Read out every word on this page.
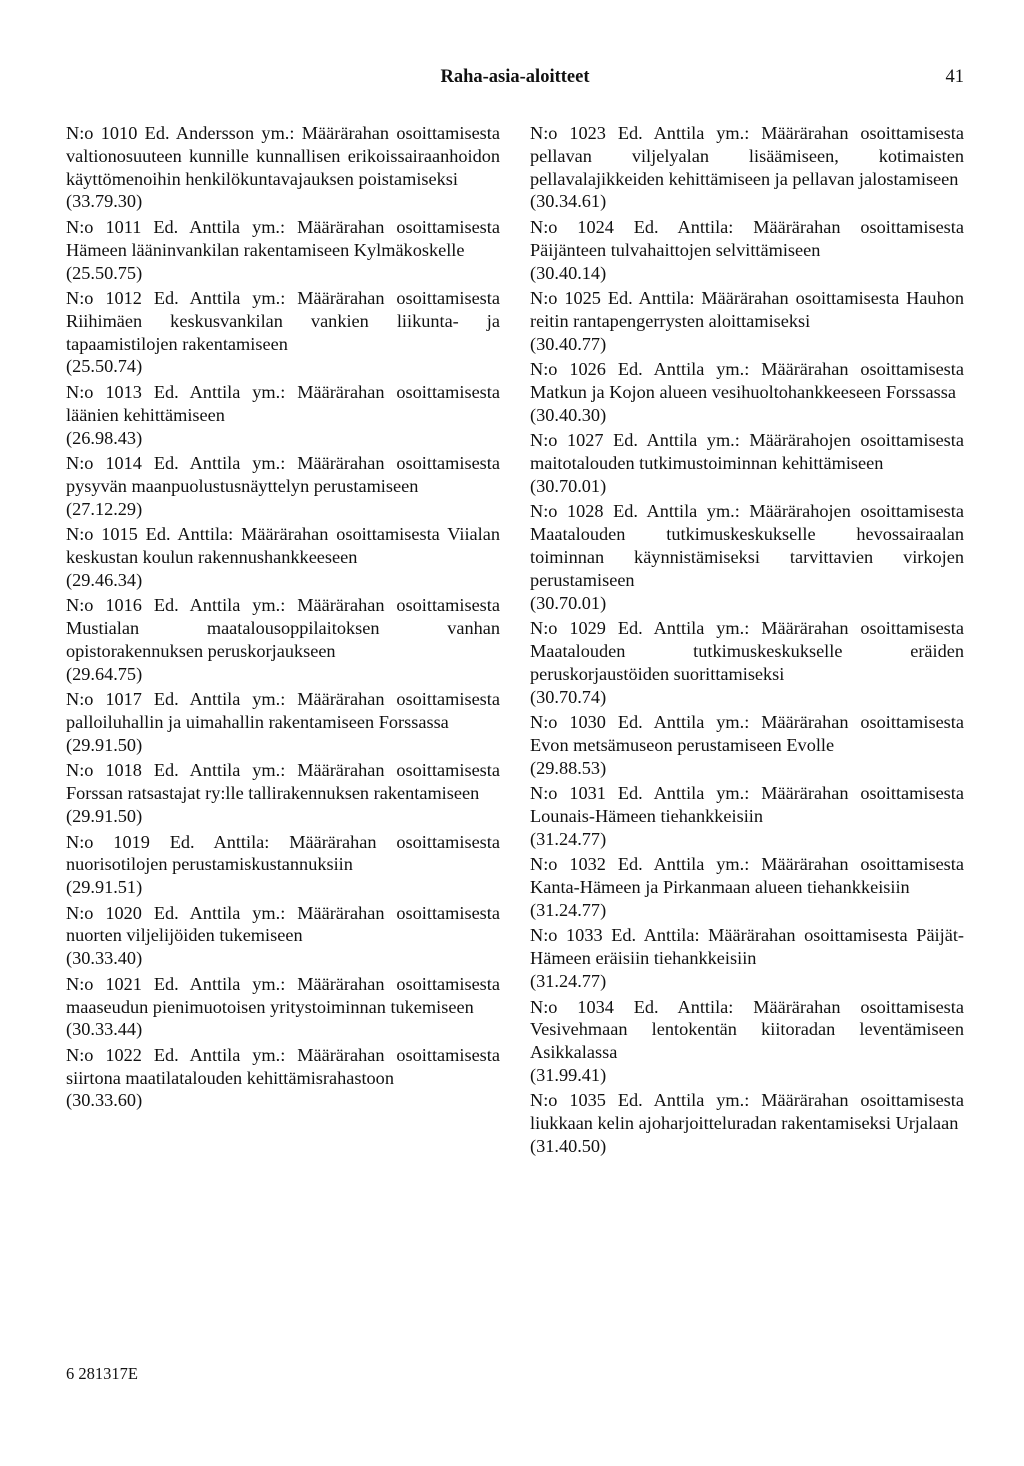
Raha-asia-aloitteet	41

N:o 1010 Ed. Andersson ym.: Määrärahan osoittamisesta valtionosuuteen kunnille kunnallisen erikoissairaanhoidon käyttömenoihin henkilökuntavajauksen poistamiseksi

(33.79.30)

N:o 1011 Ed. Anttila ym.: Määrärahan osoittamisesta Hämeen lääninvankilan rakentamiseen Kylmäkoskelle

(25.50.75)

N:o 1012 Ed. Anttila ym.: Määrärahan osoittamisesta Riihimäen keskusvankilan vankien liikunta- ja tapaamistilojen rakentamiseen

(25.50.74)

N:o 1013 Ed. Anttila ym.: Määrärahan osoittamisesta läänien kehittämiseen

(26.98.43)

N:o 1014 Ed. Anttila ym.: Määrärahan osoittamisesta pysyvän maanpuolustusnäyttelyn perustamiseen

(27.12.29)

N:o 1015 Ed. Anttila: Määrärahan osoittamisesta Viialan keskustan koulun rakennushankkeeseen

(29.46.34)

N:o 1016 Ed. Anttila ym.: Määrärahan osoittamisesta Mustialan maatalousoppilaitoksen vanhan opistorakennuksen peruskorjaukseen

(29.64.75)

N:o 1017 Ed. Anttila ym.: Määrärahan osoittamisesta palloiluhallin ja uimahallin rakentamiseen Forssassa

(29.91.50)

N:o 1018 Ed. Anttila ym.: Määrärahan osoittamisesta Forssan ratsastajat ry:lle tallirakennuksen rakentamiseen

(29.91.50)

N:o 1019 Ed. Anttila: Määrärahan osoittamisesta nuorisotilojen perustamiskustannuksiin

(29.91.51)

N:o 1020 Ed. Anttila ym.: Määrärahan osoittamisesta nuorten viljelijöiden tukemiseen

(30.33.40)

N:o 1021 Ed. Anttila ym.: Määrärahan osoittamisesta maaseudun pienimuotoisen yritystoiminnan tukemiseen

(30.33.44)

N:o 1022 Ed. Anttila ym.: Määrärahan osoittamisesta siirtona maatilatalouden kehittämisrahastoon

(30.33.60)

N:o 1023 Ed. Anttila ym.: Määrärahan osoittamisesta pellavan viljelyalan lisäämiseen, kotimaisten pellavalajikkeiden kehittämiseen ja pellavan jalostamiseen

(30.34.61)

N:o 1024 Ed. Anttila: Määrärahan osoittamisesta Päijänteen tulvahaittojen selvittämiseen

(30.40.14)

N:o 1025 Ed. Anttila: Määrärahan osoittamisesta Hauhon reitin rantapengerrysten aloittamiseksi

(30.40.77)

N:o 1026 Ed. Anttila ym.: Määrärahan osoittamisesta Matkun ja Kojon alueen vesihuoltohankkeeseen Forssassa

(30.40.30)

N:o 1027 Ed. Anttila ym.: Määrärahojen osoittamisesta maitotalouden tutkimustoiminnan kehittämiseen

(30.70.01)

N:o 1028 Ed. Anttila ym.: Määrärahojen osoittamisesta Maatalouden tutkimuskeskukselle hevossairaalan toiminnan käynnistämiseksi tarvittavien virkojen perustamiseen

(30.70.01)

N:o 1029 Ed. Anttila ym.: Määrärahan osoittamisesta Maatalouden tutkimuskeskukselle eräiden peruskorjaustöiden suorittamiseksi

(30.70.74)

N:o 1030 Ed. Anttila ym.: Määrärahan osoittamisesta Evon metsämuseon perustamiseen Evolle

(29.88.53)

N:o 1031 Ed. Anttila ym.: Määrärahan osoittamisesta Lounais-Hämeen tiehankkeisiin

(31.24.77)

N:o 1032 Ed. Anttila ym.: Määrärahan osoittamisesta Kanta-Hämeen ja Pirkanmaan alueen tiehankkeisiin

(31.24.77)

N:o 1033 Ed. Anttila: Määrärahan osoittamisesta Päijät-Hämeen eräisiin tiehankkeisiin

(31.24.77)

N:o 1034 Ed. Anttila: Määrärahan osoittamisesta Vesivehmaan lentokentän kiitoradan leventämiseen Asikkalassa

(31.99.41)

N:o 1035 Ed. Anttila ym.: Määrärahan osoittamisesta liukkaan kelin ajoharjoitteluradan rakentamiseksi Urjalaan

(31.40.50)

6 281317E
